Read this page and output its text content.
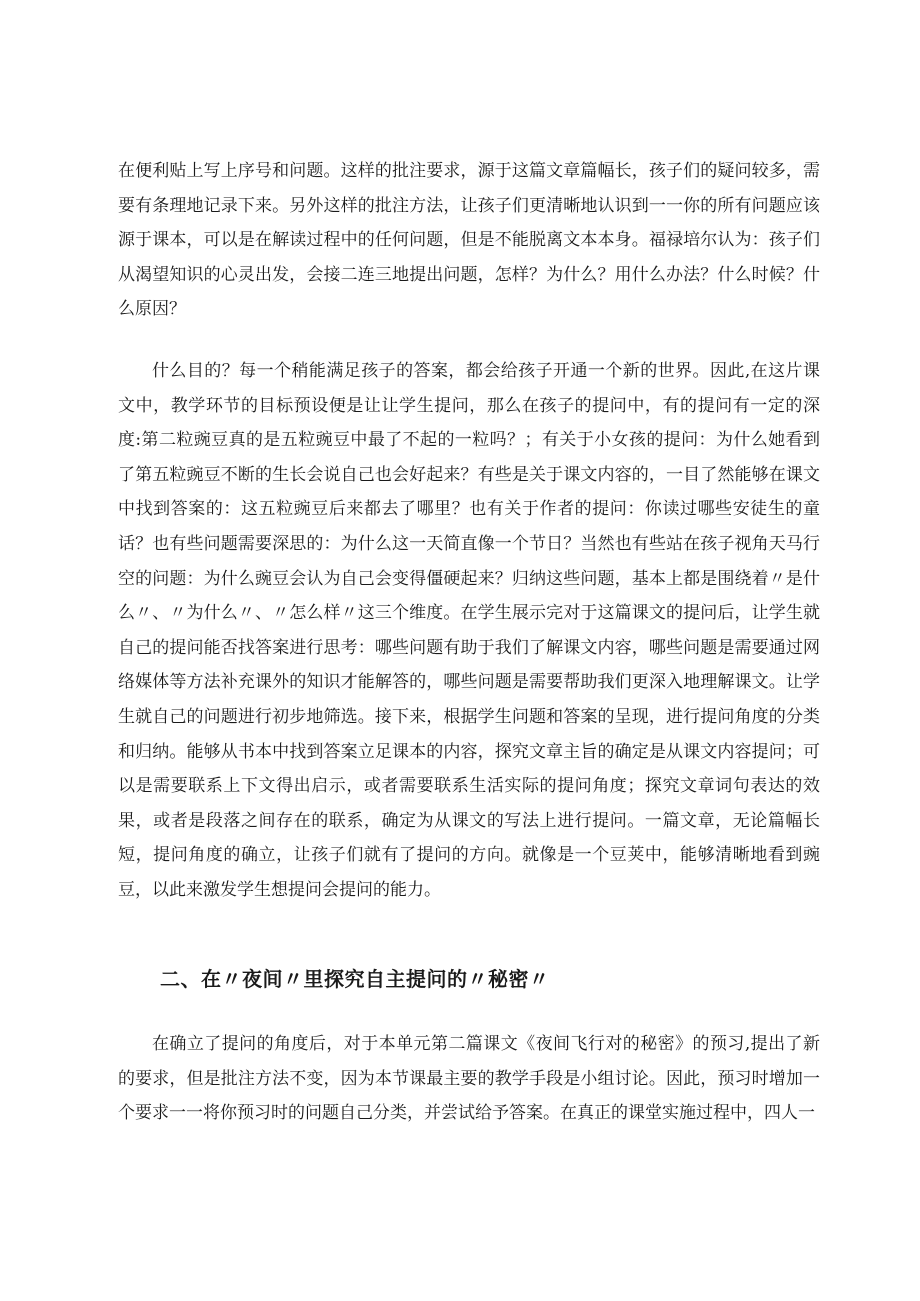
在便利贴上写上序号和问题。这样的批注要求，源于这篇文章篇幅长，孩子们的疑问较多，需要有条理地记录下来。另外这样的批注方法，让孩子们更清晰地认识到一一你的所有问题应该源于课本，可以是在解读过程中的任何问题，但是不能脱离文本本身。福禄培尔认为：孩子们从渴望知识的心灵出发，会接二连三地提出问题，怎样？为什么？用什么办法？什么时候？什么原因？

什么目的？每一个稍能满足孩子的答案，都会给孩子开通一个新的世界。因此,在这片课文中，教学环节的目标预设便是让让学生提问，那么在孩子的提问中，有的提问有一定的深度:第二粒豌豆真的是五粒豌豆中最了不起的一粒吗？；有关于小女孩的提问：为什么她看到了第五粒豌豆不断的生长会说自己也会好起来？有些是关于课文内容的，一目了然能够在课文中找到答案的：这五粒豌豆后来都去了哪里？也有关于作者的提问：你读过哪些安徒生的童话？也有些问题需要深思的：为什么这一天简直像一个节日？当然也有些站在孩子视角天马行空的问题：为什么豌豆会认为自己会变得僵硬起来？归纳这些问题，基本上都是围绕着〃是什么〃、〃为什么〃、〃怎么样〃这三个维度。在学生展示完对于这篇课文的提问后，让学生就自己的提问能否找答案进行思考：哪些问题有助于我们了解课文内容，哪些问题是需要通过网络媒体等方法补充课外的知识才能解答的，哪些问题是需要帮助我们更深入地理解课文。让学生就自己的问题进行初步地筛选。接下来，根据学生问题和答案的呈现，进行提问角度的分类和归纳。能够从书本中找到答案立足课本的内容，探究文章主旨的确定是从课文内容提问；可以是需要联系上下文得出启示，或者需要联系生活实际的提问角度；探究文章词句表达的效果，或者是段落之间存在的联系，确定为从课文的写法上进行提问。一篇文章，无论篇幅长短，提问角度的确立，让孩子们就有了提问的方向。就像是一个豆荚中，能够清晰地看到豌豆，以此来激发学生想提问会提问的能力。

二、在〃夜间〃里探究自主提问的〃秘密〃

在确立了提问的角度后，对于本单元第二篇课文《夜间飞行对的秘密》的预习,提出了新的要求，但是批注方法不变，因为本节课最主要的教学手段是小组讨论。因此，预习时增加一个要求一一将你预习时的问题自己分类，并尝试给予答案。在真正的课堂实施过程中，四人一
